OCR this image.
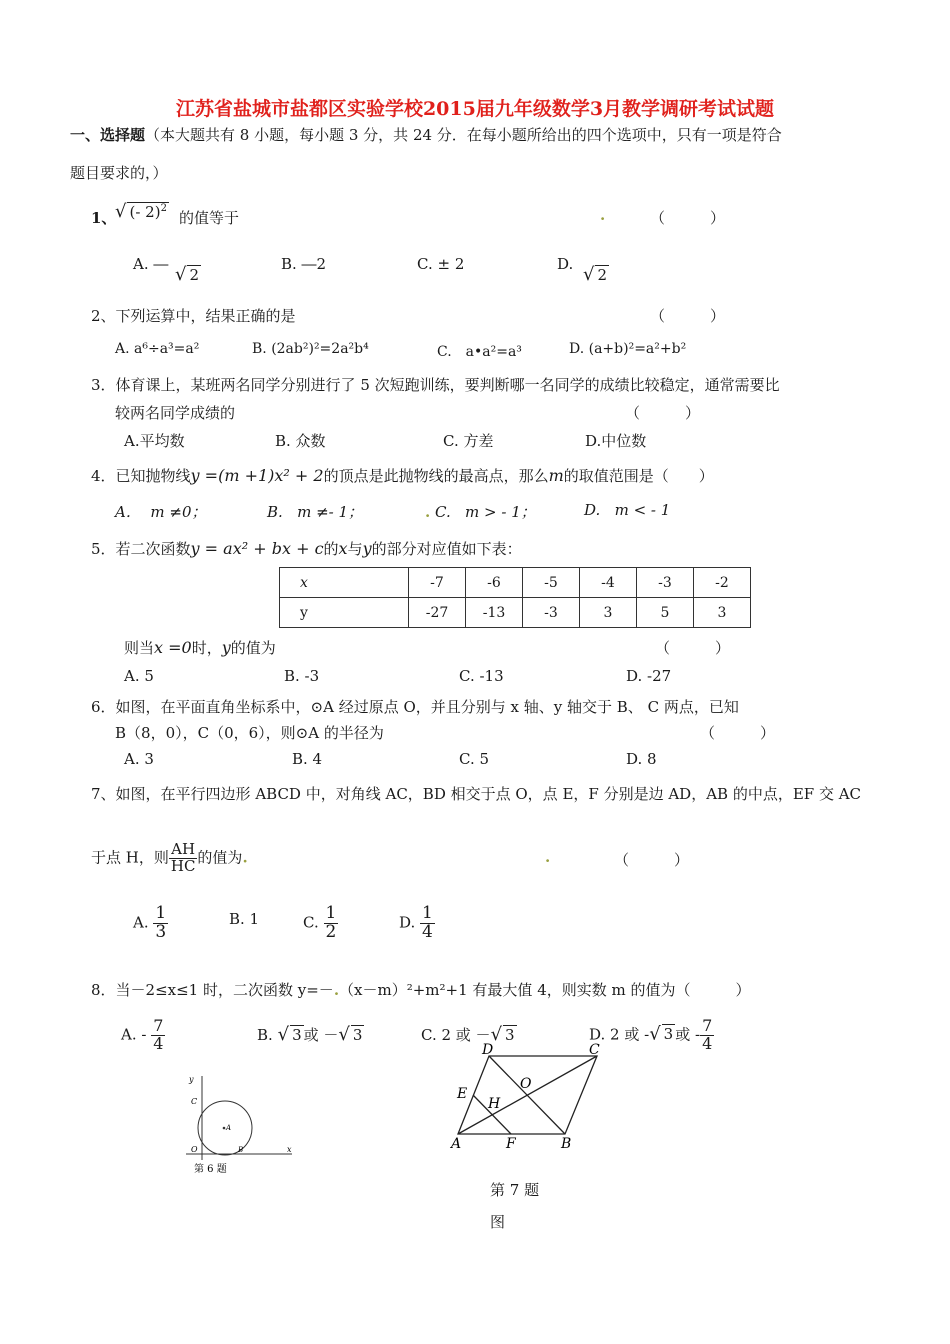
江苏省盐城市盐都区实验学校2015届九年级数学3月教学调研考试试题
一、选择题（本大题共有 8 小题，每小题 3 分，共 24 分．在每小题所给出的四个选项中，只有一项是符合
题目要求的，）
1、
√ (- 2)$^2$
的值等于	.	（　　　）
A. ― √ 2
B. ―2	C. ± 2	D. √ 2
2、下列运算中，结果正确的是	（　　　）
A. a⁶÷a³=a²	B. (2ab²)²=2a²b⁴	C.　a•a²=a³	D. (a+b)²=a²+b²
3．体育课上，某班两名同学分别进行了 5 次短跑训练，要判断哪一名同学的成绩比较稳定，通常需要比
较两名同学成绩的	（　　　）
A.平均数	B. 众数	C. 方差	D.中位数
4．已知抛物线y =(m +1)x² + 2的顶点是此抛物线的最高点，那么m的取值范围是（　　）
A． m ≠0；	B. m ≠- 1；	. C. m > - 1；	D. m < - 1
5．若二次函数y = ax² + bx + c的x与y的部分对应值如下表：
x	-7	-6	-5	-4	-3	-2
y	-27	-13	-3	3	5	3
则当x =0时，y的值为	（　　　）
A. 5	B. -3	C. -13	D. -27
6．如图，在平面直角坐标系中，⊙A 经过原点 O，并且分别与 x 轴、y 轴交于 B、 C 两点，已知
B（8，0），C（0，6），则⊙A 的半径为	（　　　）
A. 3	B. 4	C. 5	D. 8
7、如图，在平行四边形 ABCD 中，对角线 AC，BD 相交于点 O，点 E，F 分别是边 AD，AB 的中点，EF 交 AC
于点 H，则 $\frac{AH}{HC}$ 的值为.	.	（　　　）
A. $\frac{1}{3}$	B. 1	C. $\frac{1}{2}$	D. $\frac{1}{4}$
8．当－2≤x≤1 时，二次函数 y=－.（x－m）²+m²+1 有最大值 4，则实数 m 的值为（　　　）
A. - $\frac{7}{4}$	B. √ 3 或 －√ 3	C. 2 或 －√ 3	D. 2 或 -√ 3 或 - $\frac{7}{4}$
y
x
C
A
O	B
第 6 题
D	C
O
E
H
A	F	B
第 7 题
图
